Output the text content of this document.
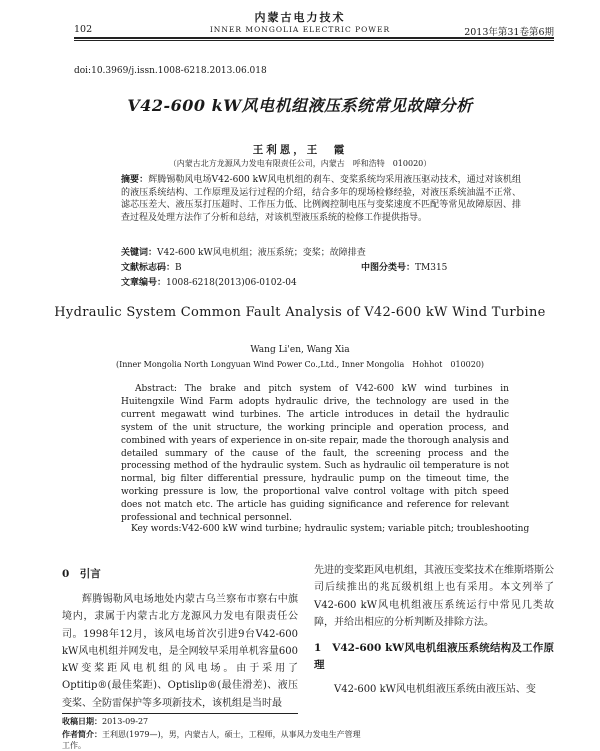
内蒙古电力技术
102	INNER MONGOLIA ELECTRIC POWER	2013年第31卷第6期
doi:10.3969/j.issn.1008-6218.2013.06.018
V42-600 kW风电机组液压系统常见故障分析
王利恩，王　霞
（内蒙古北方龙源风力发电有限责任公司，内蒙古　呼和浩特　010020）
摘要：辉腾锡勒风电场V42-600 kW风电机组的刹车、变桨系统均采用液压驱动技术，通过对该机组的液压系统结构、工作原理及运行过程的介绍，结合多年的现场检修经验，对液压系统油温不正常、滤芯压差大、液压泵打压超时、工作压力低、比例阀控制电压与变桨速度不匹配等常见故障原因、排查过程及处理方法作了分析和总结，对该机型液压系统的检修工作提供指导。
关键词：V42-600 kW风电机组；液压系统；变桨；故障排查
文献标志码：B	中图分类号：TM315
文章编号：1008-6218(2013)06-0102-04
Hydraulic System Common Fault Analysis of V42-600 kW Wind Turbine
Wang Li'en, Wang Xia
(Inner Mongolia North Longyuan Wind Power Co.,Ltd., Inner Mongolia　Hohhot　010020)
Abstract: The brake and pitch system of V42-600 kW wind turbines in Huitengxile Wind Farm adopts hydraulic drive, the technology are used in the current megawatt wind turbines. The article introduces in detail the hydraulic system of the unit structure, the working principle and operation process, and combined with years of experience in on-site repair, made the thorough analysis and detailed summary of the cause of the fault, the screening process and the processing method of the hydraulic system. Such as hydraulic oil temperature is not normal, big filter differential pressure, hydraulic pump on the timeout time, the working pressure is low, the proportional valve control voltage with pitch speed does not match etc. The article has guiding significance and reference for relevant professional and technical personnel.
Key words:V42-600 kW wind turbine; hydraulic system; variable pitch; troubleshooting
0　引言
辉腾锡勒风电场地处内蒙古乌兰察布市察右中旗境内，隶属于内蒙古北方龙源风力发电有限责任公司。1998年12月，该风电场首次引进9台V42-600 kW风电机组并网发电，是全网较早采用单机容量600 kW变桨距风电机组的风电场。由于采用了Optitip®(最佳桨距)、Optislip®(最佳滑差)、液压变桨、全防雷保护等多项新技术，该机组是当时最
先进的变桨距风电机组，其液压变桨技术在维斯塔斯公司后续推出的兆瓦级机组上也有采用。本文列举了V42-600 kW风电机组液压系统运行中常见几类故障，并给出相应的分析判断及排除方法。
1　V42-600 kW风电机组液压系统结构及工作原理
V42-600 kW风电机组液压系统由液压站、变
收稿日期：2013-09-27
作者简介：王利恩(1979—)，男，内蒙古人，硕士，工程师，从事风力发电生产管理工作。
